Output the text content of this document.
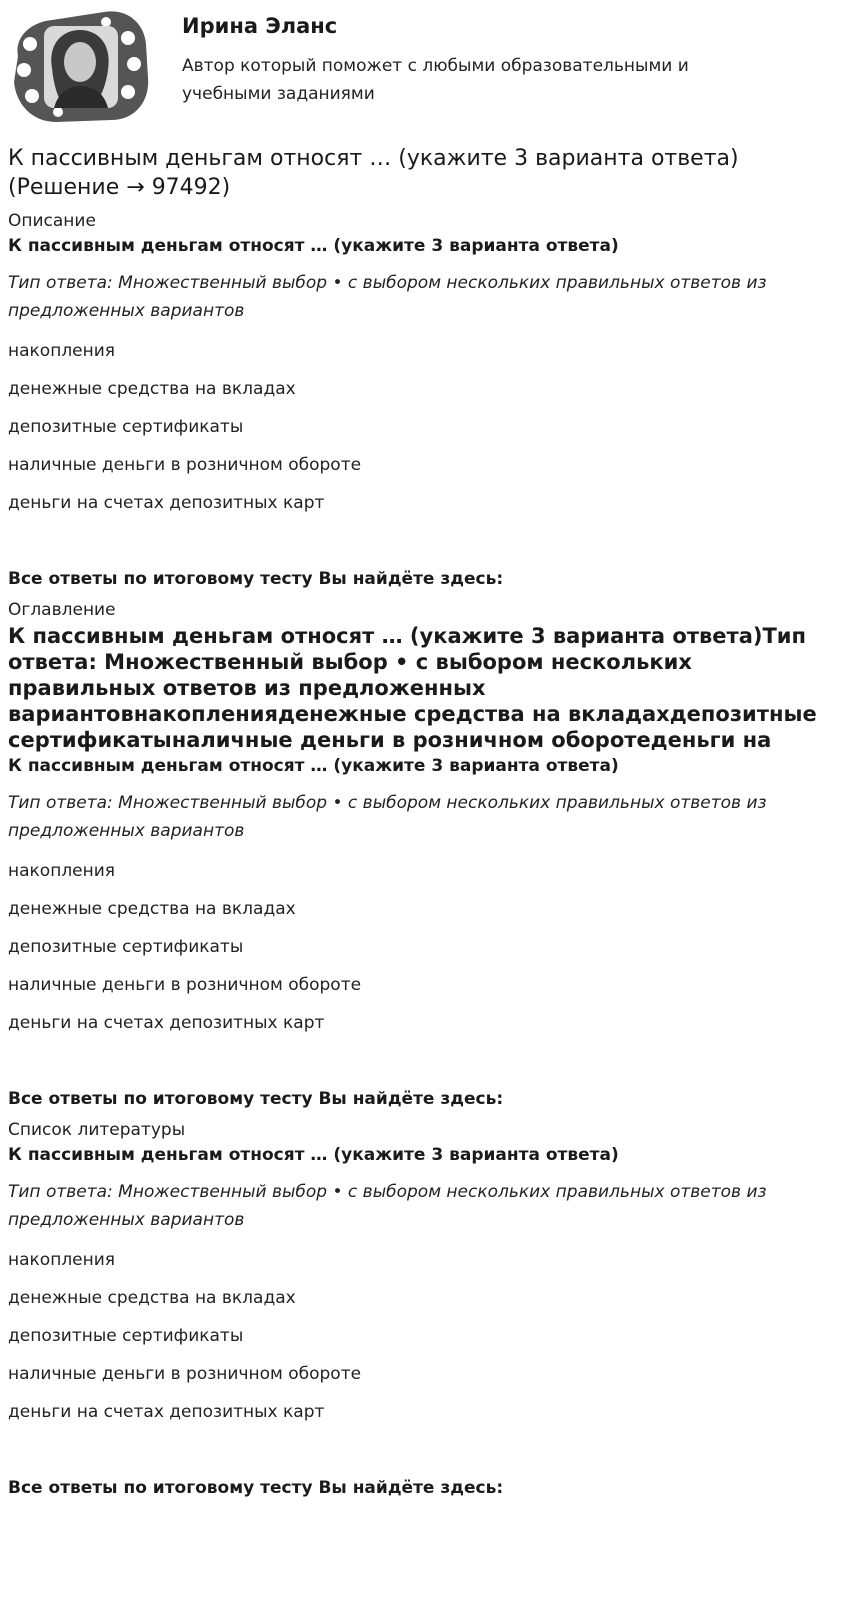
Ирина Эланс
Автор который поможет с любыми образовательными и учебными заданиями
К пассивным деньгам относят … (укажите 3 варианта ответа) (Решение → 97492)
Описание
К пассивным деньгам относят … (укажите 3 варианта ответа)
Тип ответа: Множественный выбор • с выбором нескольких правильных ответов из предложенных вариантов
накопления
денежные средства на вкладах
депозитные сертификаты
наличные деньги в розничном обороте
деньги на счетах депозитных карт
Все ответы по итоговому тесту Вы найдёте здесь:
Оглавление
К пассивным деньгам относят … (укажите 3 варианта ответа)Тип ответа: Множественный выбор • с выбором нескольких правильных ответов из предложенных вариантовнакопленияденежные средства на вкладахдепозитные сертификатыналичные деньги в розничном оборотеденьги на
К пассивным деньгам относят … (укажите 3 варианта ответа)
Тип ответа: Множественный выбор • с выбором нескольких правильных ответов из предложенных вариантов
накопления
денежные средства на вкладах
депозитные сертификаты
наличные деньги в розничном обороте
деньги на счетах депозитных карт
Все ответы по итоговому тесту Вы найдёте здесь:
Список литературы
К пассивным деньгам относят … (укажите 3 варианта ответа)
Тип ответа: Множественный выбор • с выбором нескольких правильных ответов из предложенных вариантов
накопления
денежные средства на вкладах
депозитные сертификаты
наличные деньги в розничном обороте
деньги на счетах депозитных карт
Все ответы по итоговому тесту Вы найдёте здесь:
